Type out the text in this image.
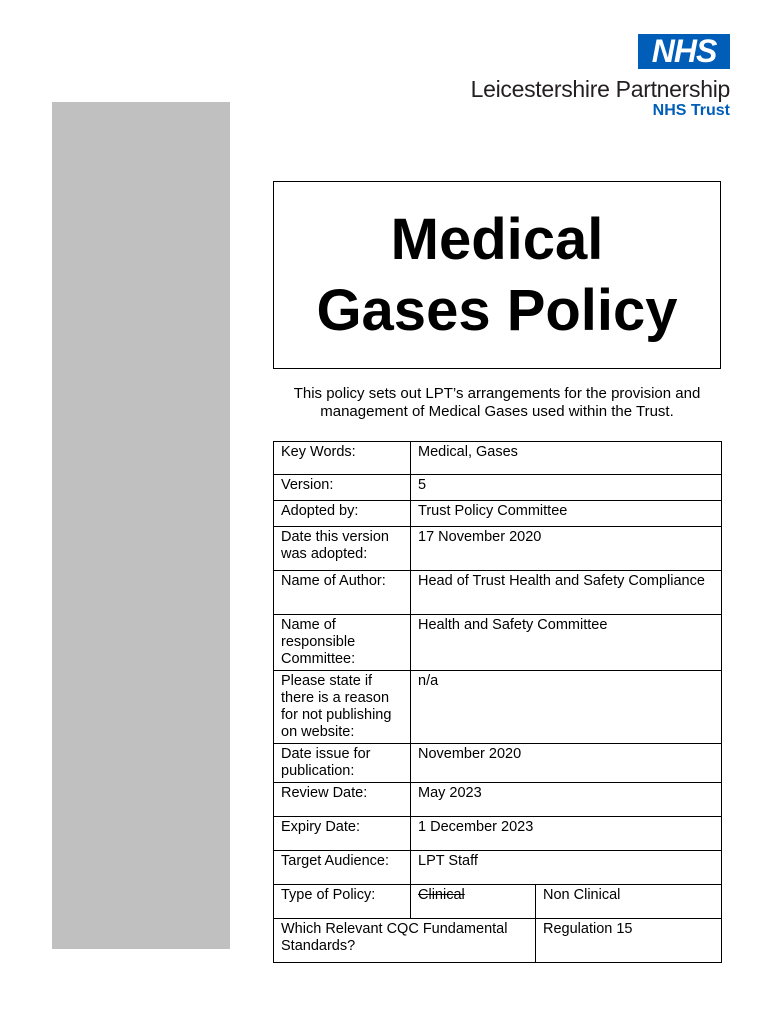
NHS
Leicestershire Partnership
NHS Trust
Medical
Gases Policy
This policy sets out LPT’s arrangements for the provision and management of Medical Gases used within the Trust.
Key Words:	Medical, Gases	
Version:	5	
Adopted by:	Trust Policy Committee	
Date this version was adopted:	17 November 2020	
Name of Author:	Head of Trust Health and Safety Compliance	
Name of responsible Committee:	Health and Safety Committee	
Please state if there is a reason for not publishing on website:	n/a	
Date issue for publication:	November 2020	
Review Date:	May 2023	
Expiry Date:	1 December 2023	
Target Audience:	LPT Staff	
Type of Policy:	Clinical	Non Clinical
Which Relevant CQC Fundamental Standards?		Regulation 15
